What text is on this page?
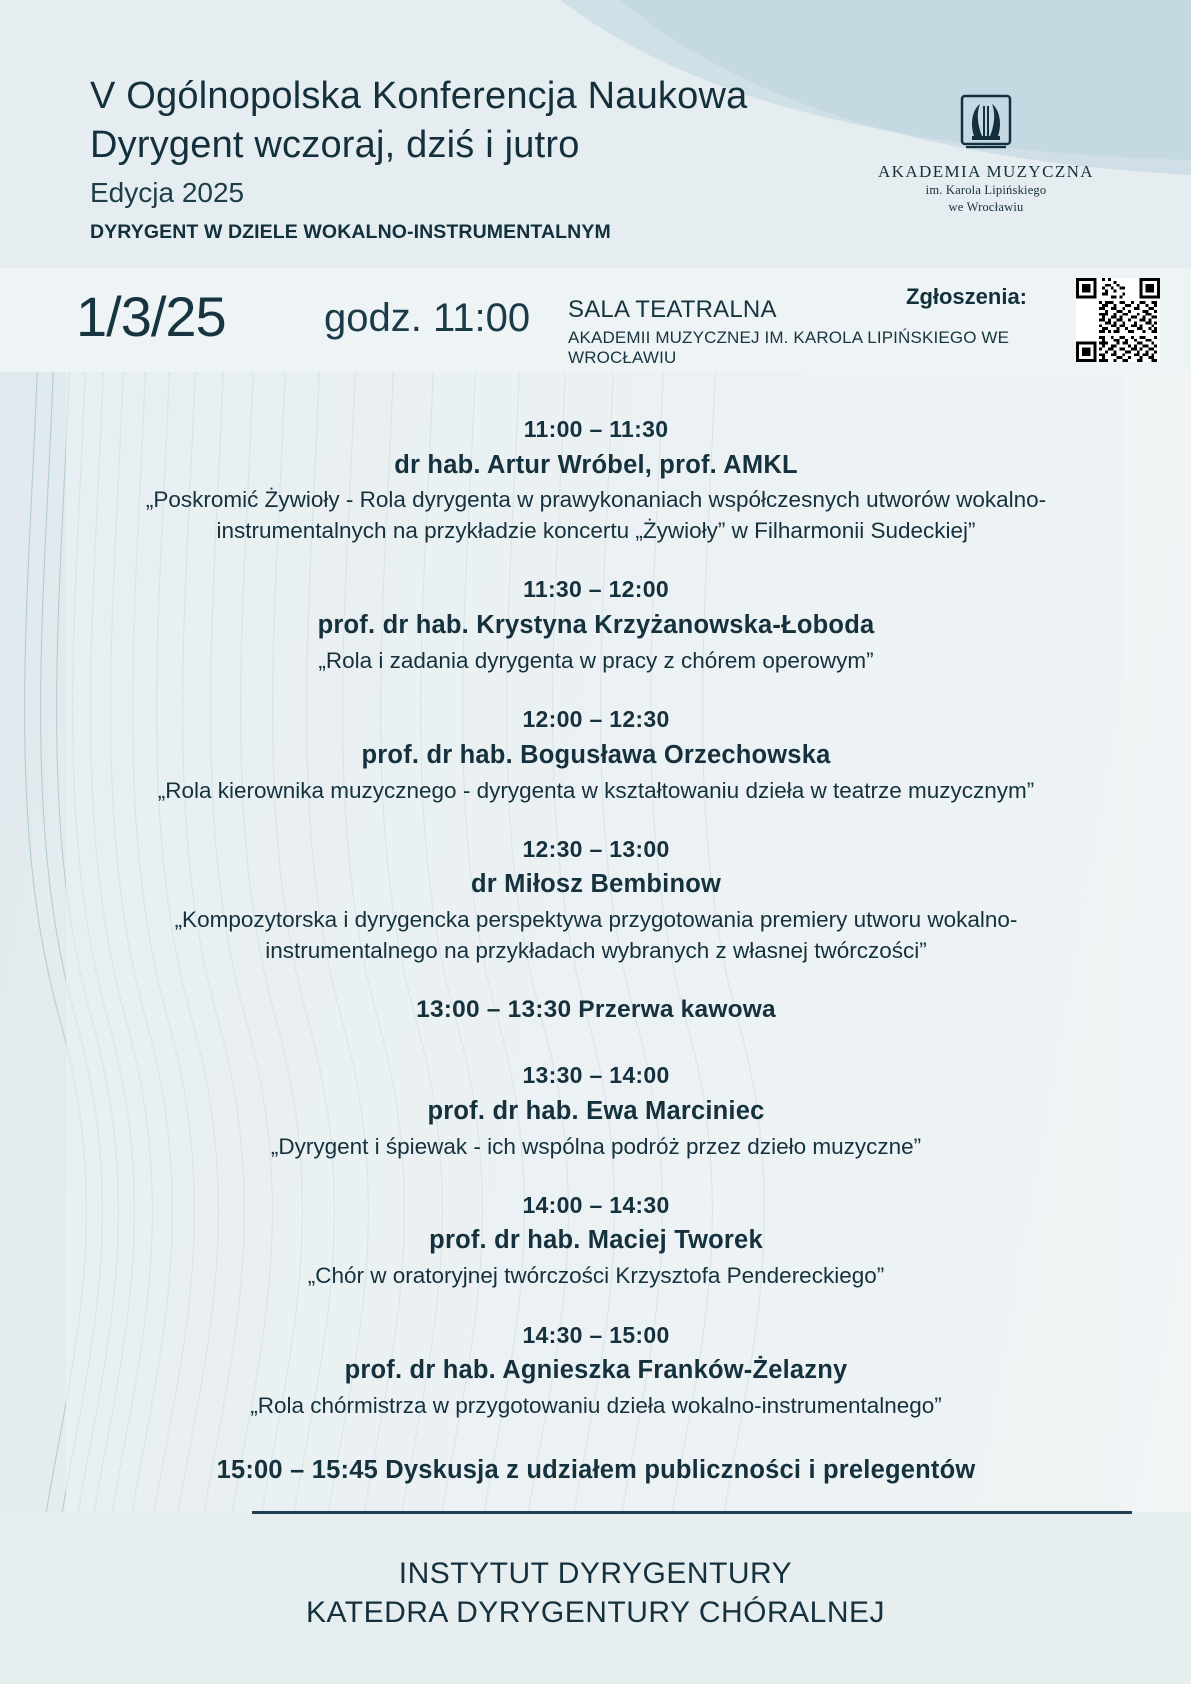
V Ogólnopolska Konferencja Naukowa
Dyrygent wczoraj, dziś i jutro
Edycja 2025
DYRYGENT W DZIELE WOKALNO-INSTRUMENTALNYM
AKADEMIA MUZYCZNA
im. Karola Lipińskiego
we Wrocławiu
1/3/25 godz. 11:00 SALA TEATRALNA
AKADEMII MUZYCZNEJ IM. KAROLA LIPIŃSKIEGO WE WROCŁAWIU
Zgłoszenia:
11:00 – 11:30
dr hab. Artur Wróbel, prof. AMKL
„Poskromić Żywioły - Rola dyrygenta w prawykonaniach współczesnych utworów wokalno-instrumentalnych na przykładzie koncertu „Żywioły” w Filharmonii Sudeckiej”
11:30 – 12:00
prof. dr hab. Krystyna Krzyżanowska-Łoboda
„Rola i zadania dyrygenta w pracy z chórem operowym”
12:00 – 12:30
prof. dr hab. Bogusława Orzechowska
„Rola kierownika muzycznego - dyrygenta w kształtowaniu dzieła w teatrze muzycznym”
12:30 – 13:00
dr Miłosz Bembinow
„Kompozytorska i dyrygencka perspektywa przygotowania premiery utworu wokalno-instrumentalnego na przykładach wybranych z własnej twórczości”
13:00 – 13:30 Przerwa kawowa
13:30 – 14:00
prof. dr hab. Ewa Marciniec
„Dyrygent i śpiewak - ich wspólna podróż przez dzieło muzyczne”
14:00 – 14:30
prof. dr hab. Maciej Tworek
„Chór w oratoryjnej twórczości Krzysztofa Pendereckiego”
14:30 – 15:00
prof. dr hab. Agnieszka Franków-Żelazny
„Rola chórmistrza w przygotowaniu dzieła wokalno-instrumentalnego”
15:00 – 15:45 Dyskusja z udziałem publiczności i prelegentów
INSTYTUT DYRYGENTURY
KATEDRA DYRYGENTURY CHÓRALNEJ
